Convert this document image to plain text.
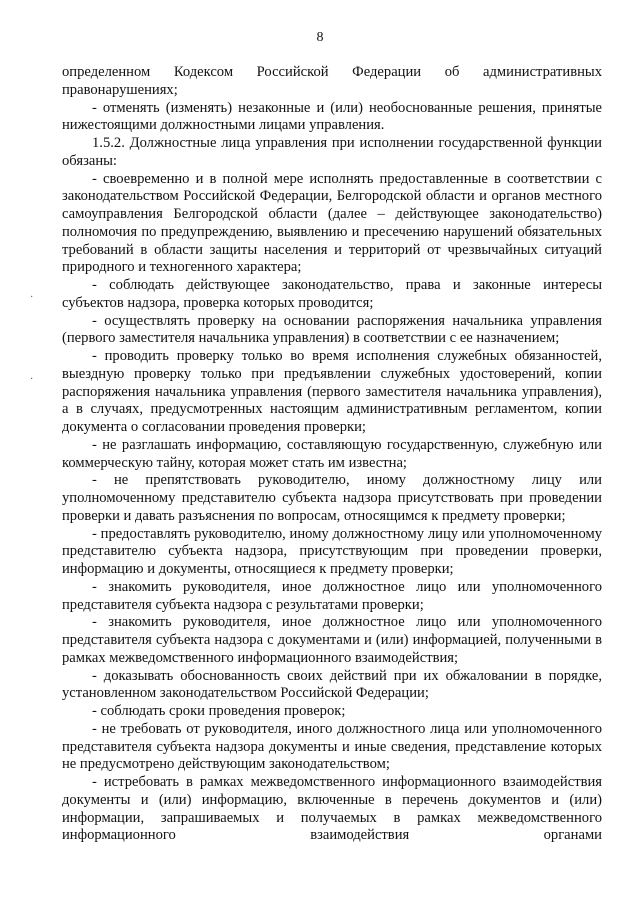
8

определенном Кодексом Российской Федерации об административных правонарушениях;

- отменять (изменять) незаконные и (или) необоснованные решения, принятые нижестоящими должностными лицами управления.

1.5.2. Должностные лица управления при исполнении государственной функции обязаны:

- своевременно и в полной мере исполнять предоставленные в соответствии с законодательством Российской Федерации, Белгородской области и органов местного самоуправления Белгородской области (далее – действующее законодательство) полномочия по предупреждению, выявлению и пресечению нарушений обязательных требований в области защиты населения и территорий от чрезвычайных ситуаций природного и техногенного характера;

- соблюдать действующее законодательство, права и законные интересы субъектов надзора, проверка которых проводится;

- осуществлять проверку на основании распоряжения начальника управления (первого заместителя начальника управления) в соответствии с ее назначением;

- проводить проверку только во время исполнения служебных обязанностей, выездную проверку только при предъявлении служебных удостоверений, копии распоряжения начальника управления (первого заместителя начальника управления), а в случаях, предусмотренных настоящим административным регламентом, копии документа о согласовании проведения проверки;

- не разглашать информацию, составляющую государственную, служебную или коммерческую тайну, которая может стать им известна;

- не препятствовать руководителю, иному должностному лицу или уполномоченному представителю субъекта надзора присутствовать при проведении проверки и давать разъяснения по вопросам, относящимся к предмету проверки;

- предоставлять руководителю, иному должностному лицу или уполномоченному представителю субъекта надзора, присутствующим при проведении проверки, информацию и документы, относящиеся к предмету проверки;

- знакомить руководителя, иное должностное лицо или уполномоченного представителя субъекта надзора с результатами проверки;

- знакомить руководителя, иное должностное лицо или уполномоченного представителя субъекта надзора с документами и (или) информацией, полученными в рамках межведомственного информационного взаимодействия;

- доказывать обоснованность своих действий при их обжаловании в порядке, установленном законодательством Российской Федерации;

- соблюдать сроки проведения проверок;

- не требовать от руководителя, иного должностного лица или уполномоченного представителя субъекта надзора документы и иные сведения, представление которых не предусмотрено действующим законодательством;

- истребовать в рамках межведомственного информационного взаимодействия документы и (или) информацию, включенные в перечень документов и (или) информации, запрашиваемых и получаемых в рамках межведомственного информационного взаимодействия органами

·
·
